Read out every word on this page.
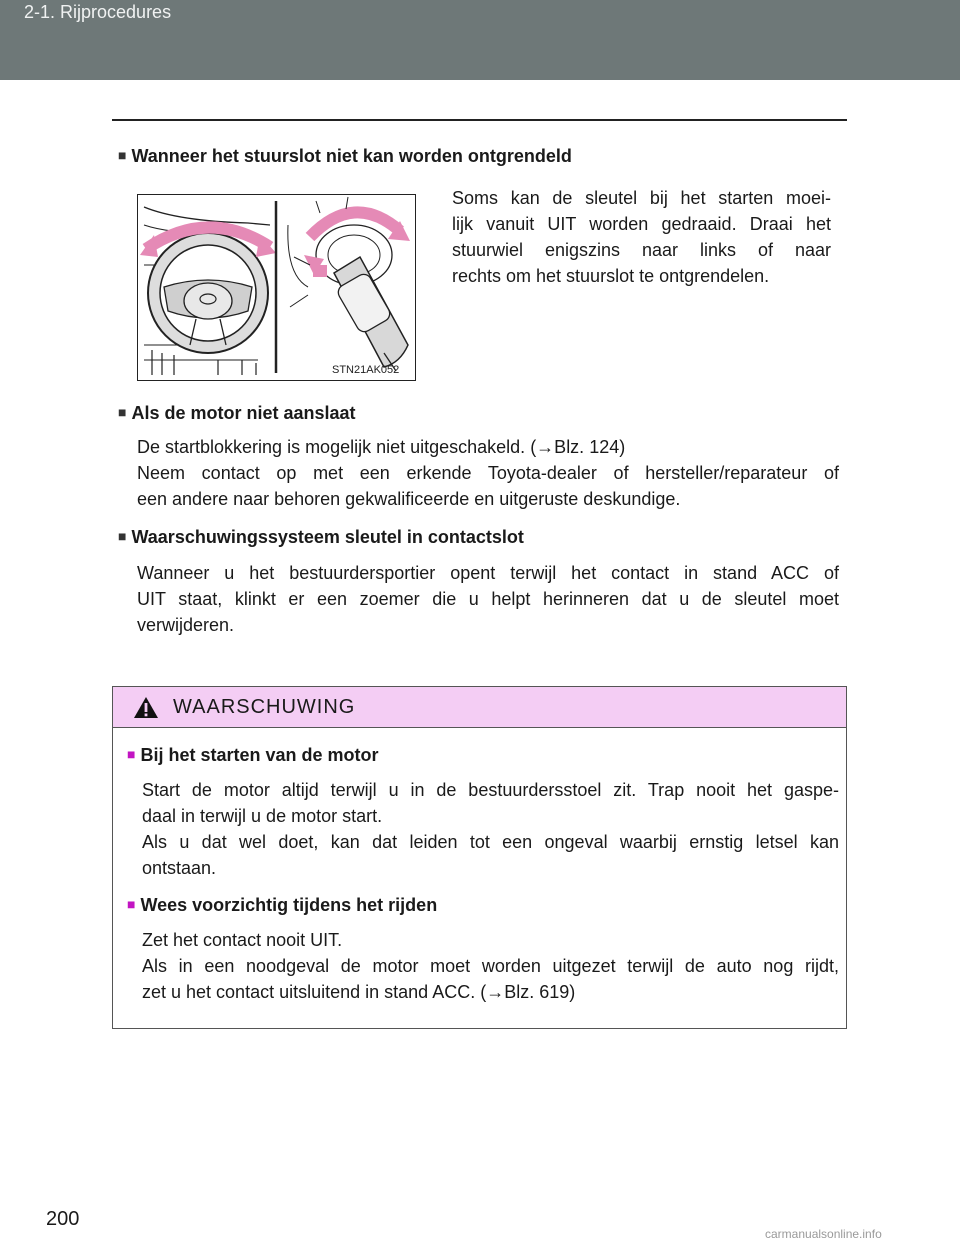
2-1. Rijprocedures
■ Wanneer het stuurslot niet kan worden ontgrendeld
STN21AK052
Soms kan de sleutel bij het starten moei-
lijk vanuit UIT worden gedraaid. Draai het
stuurwiel enigszins naar links of naar
rechts om het stuurslot te ontgrendelen.
■ Als de motor niet aanslaat
De startblokkering is mogelijk niet uitgeschakeld. (→Blz. 124)
Neem contact op met een erkende Toyota-dealer of hersteller/reparateur of
een andere naar behoren gekwalificeerde en uitgeruste deskundige.
■ Waarschuwingssysteem sleutel in contactslot
Wanneer u het bestuurdersportier opent terwijl het contact in stand ACC of
UIT staat, klinkt er een zoemer die u helpt herinneren dat u de sleutel moet
verwijderen.
WAARSCHUWING
■ Bij het starten van de motor
Start de motor altijd terwijl u in de bestuurdersstoel zit. Trap nooit het gaspe-
daal in terwijl u de motor start.
Als u dat wel doet, kan dat leiden tot een ongeval waarbij ernstig letsel kan
ontstaan.
■ Wees voorzichtig tijdens het rijden
Zet het contact nooit UIT.
Als in een noodgeval de motor moet worden uitgezet terwijl de auto nog rijdt,
zet u het contact uitsluitend in stand ACC. (→Blz. 619)
200
carmanualsonline.info
